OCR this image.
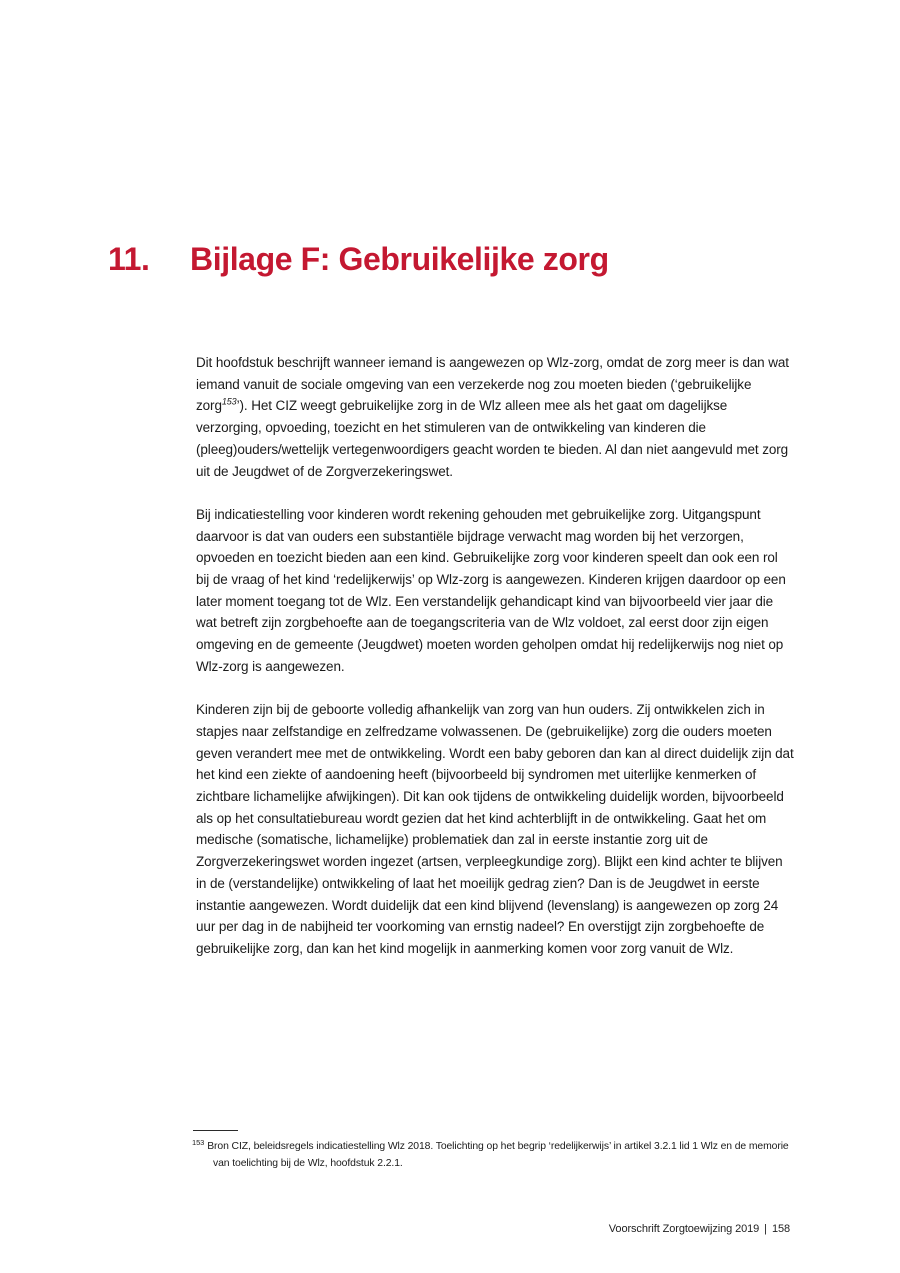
11.	Bijlage F: Gebruikelijke zorg

Dit hoofdstuk beschrijft wanneer iemand is aangewezen op Wlz-zorg, omdat de zorg meer is dan wat iemand vanuit de sociale omgeving van een verzekerde nog zou moeten bieden (‘gebruikelijke zorg$^{153}$’). Het CIZ weegt gebruikelijke zorg in de Wlz alleen mee als het gaat om dagelijkse verzorging, opvoeding, toezicht en het stimuleren van de ontwikkeling van kinderen die (pleeg)ouders/wettelijk vertegenwoordigers geacht worden te bieden. Al dan niet aangevuld met zorg uit de Jeugdwet of de Zorgverzekeringswet.

Bij indicatiestelling voor kinderen wordt rekening gehouden met gebruikelijke zorg. Uitgangspunt daarvoor is dat van ouders een substantiële bijdrage verwacht mag worden bij het verzorgen, opvoeden en toezicht bieden aan een kind. Gebruikelijke zorg voor kinderen speelt dan ook een rol bij de vraag of het kind ‘redelijkerwijs’ op Wlz-zorg is aangewezen. Kinderen krijgen daardoor op een later moment toegang tot de Wlz. Een verstandelijk gehandicapt kind van bijvoorbeeld vier jaar die wat betreft zijn zorgbehoefte aan de toegangscriteria van de Wlz voldoet, zal eerst door zijn eigen omgeving en de gemeente (Jeugdwet) moeten worden geholpen omdat hij redelijkerwijs nog niet op Wlz-zorg is aangewezen.

Kinderen zijn bij de geboorte volledig afhankelijk van zorg van hun ouders. Zij ontwikkelen zich in stapjes naar zelfstandige en zelfredzame volwassenen. De (gebruikelijke) zorg die ouders moeten geven verandert mee met de ontwikkeling. Wordt een baby geboren dan kan al direct duidelijk zijn dat het kind een ziekte of aandoening heeft (bijvoorbeeld bij syndromen met uiterlijke kenmerken of zichtbare lichamelijke afwijkingen). Dit kan ook tijdens de ontwikkeling duidelijk worden, bijvoorbeeld als op het consultatiebureau wordt gezien dat het kind achterblijft in de ontwikkeling. Gaat het om medische (somatische, lichamelijke) problematiek dan zal in eerste instantie zorg uit de Zorgverzekeringswet worden ingezet (artsen, verpleegkundige zorg). Blijkt een kind achter te blijven in de (verstandelijke) ontwikkeling of laat het moeilijk gedrag zien? Dan is de Jeugdwet in eerste instantie aangewezen. Wordt duidelijk dat een kind blijvend (levenslang) is aangewezen op zorg 24 uur per dag in de nabijheid ter voorkoming van ernstig nadeel? En overstijgt zijn zorgbehoefte de gebruikelijke zorg, dan kan het kind mogelijk in aanmerking komen voor zorg vanuit de Wlz.

$^{153}$ Bron CIZ, beleidsregels indicatiestelling Wlz 2018. Toelichting op het begrip ‘redelijkerwijs’ in artikel 3.2.1 lid 1 Wlz en de memorie van toelichting bij de Wlz, hoofdstuk 2.2.1.

Voorschrift Zorgtoewijzing 2019 | 158
